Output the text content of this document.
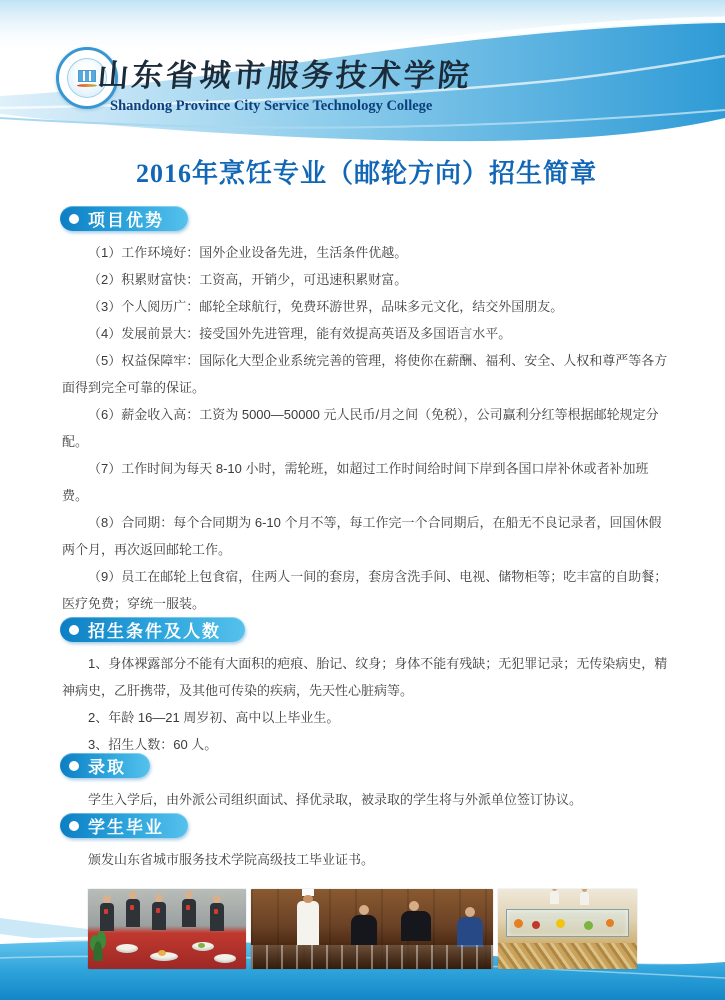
山东省城市服务技术学院
Shandong Province City Service Technology College
2016年烹饪专业（邮轮方向）招生简章
项目优势

（1）工作环境好：国外企业设备先进，生活条件优越。

（2）积累财富快：工资高，开销少，可迅速积累财富。

（3）个人阅历广：邮轮全球航行，免费环游世界，品味多元文化，结交外国朋友。

（4）发展前景大：接受国外先进管理，能有效提高英语及多国语言水平。

（5）权益保障牢：国际化大型企业系统完善的管理，将使你在薪酬、福利、安全、人权和尊严等各方面得到完全可靠的保证。

（6）薪金收入高：工资为 5000—50000 元人民币/月之间（免税），公司赢利分红等根据邮轮规定分配。

（7）工作时间为每天 8-10 小时，需轮班，如超过工作时间给时间下岸到各国口岸补休或者补加班费。

（8）合同期：每个合同期为 6-10 个月不等，每工作完一个合同期后，在船无不良记录者，回国休假两个月，再次返回邮轮工作。

（9）员工在邮轮上包食宿，住两人一间的套房，套房含洗手间、电视、储物柜等；吃丰富的自助餐；医疗免费；穿统一服装。

招生条件及人数

1、身体裸露部分不能有大面积的疤痕、胎记、纹身；身体不能有残缺；无犯罪记录；无传染病史，精神病史，乙肝携带，及其他可传染的疾病，先天性心脏病等。

2、年龄 16—21 周岁初、高中以上毕业生。

3、招生人数：60 人。

录取

学生入学后，由外派公司组织面试、择优录取，被录取的学生将与外派单位签订协议。

学生毕业

颁发山东省城市服务技术学院高级技工毕业证书。
